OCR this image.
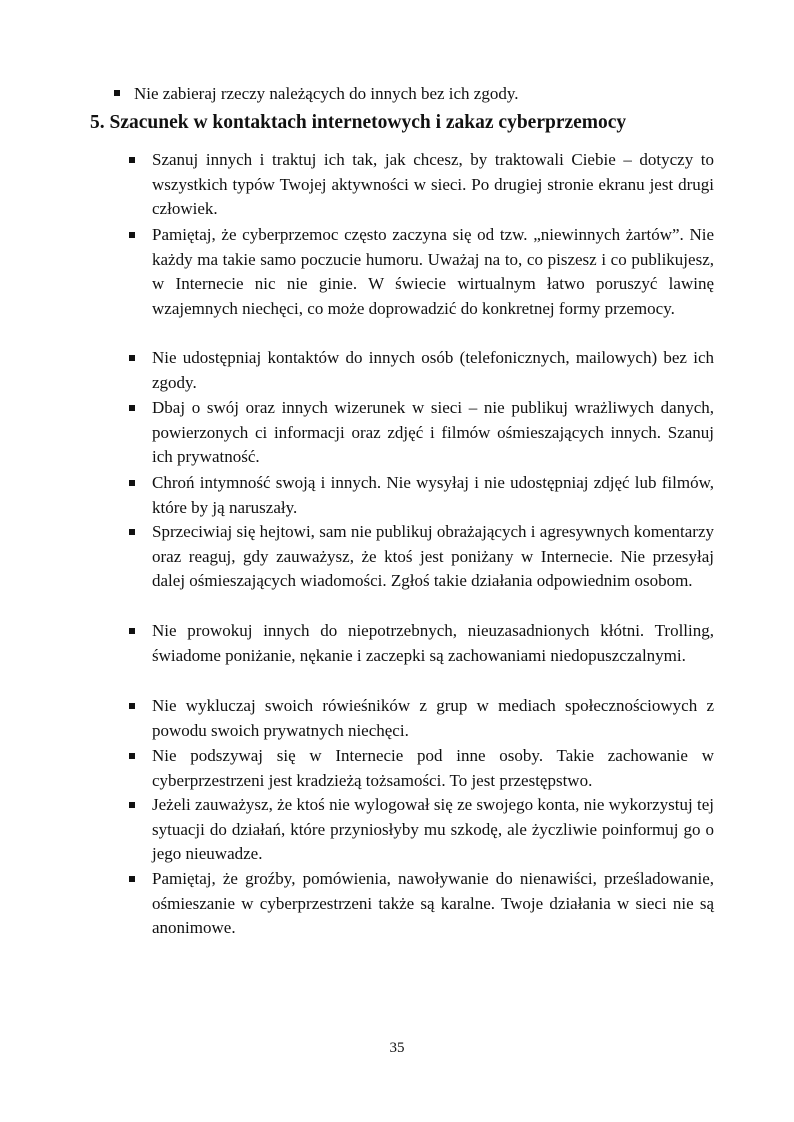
Nie zabieraj rzeczy należących do innych bez ich zgody.
5. Szacunek w kontaktach internetowych i zakaz cyberprzemocy
Szanuj innych i traktuj ich tak, jak chcesz, by traktowali Ciebie – dotyczy to wszystkich typów Twojej aktywności w sieci. Po drugiej stronie ekranu jest drugi człowiek.
Pamiętaj, że cyberprzemoc często zaczyna się od tzw. „niewinnych żartów”. Nie każdy ma takie samo poczucie humoru. Uważaj na to, co piszesz i co publikujesz, w Internecie nic nie ginie. W świecie wirtualnym łatwo poruszyć lawinę wzajemnych niechęci, co może doprowadzić do konkretnej formy przemocy.
Nie udostępniaj kontaktów do innych osób (telefonicznych, mailowych) bez ich zgody.
Dbaj o swój oraz innych wizerunek w sieci – nie publikuj wrażliwych danych, powierzonych ci informacji oraz zdjęć i filmów ośmieszających innych. Szanuj ich prywatność.
Chroń intymność swoją i innych. Nie wysyłaj i nie udostępniaj zdjęć lub filmów, które by ją naruszały.
Sprzeciwiaj się hejtowi, sam nie publikuj obrażających i agresywnych komentarzy oraz reaguj, gdy zauważysz, że ktoś jest poniżany w Internecie. Nie przesyłaj dalej ośmieszających wiadomości. Zgłoś takie działania odpowiednim osobom.
Nie prowokuj innych do niepotrzebnych, nieuzasadnionych kłótni. Trolling, świadome poniżanie, nękanie i zaczepki są zachowaniami niedopuszczalnymi.
Nie wykluczaj swoich rówieśników z grup w mediach społecznościowych z powodu swoich prywatnych niechęci.
Nie podszywaj się w Internecie pod inne osoby. Takie zachowanie w cyberprzestrzeni jest kradzieżą tożsamości. To jest przestępstwo.
Jeżeli zauważysz, że ktoś nie wylogował się ze swojego konta, nie wykorzystuj tej sytuacji do działań, które przyniosłyby mu szkodę, ale życzliwie poinformuj go o jego nieuwadze.
Pamiętaj, że groźby, pomówienia, nawoływanie do nienawiści, prześladowanie, ośmieszanie w cyberprzestrzeni także są karalne. Twoje działania w sieci nie są anonimowe.
35
